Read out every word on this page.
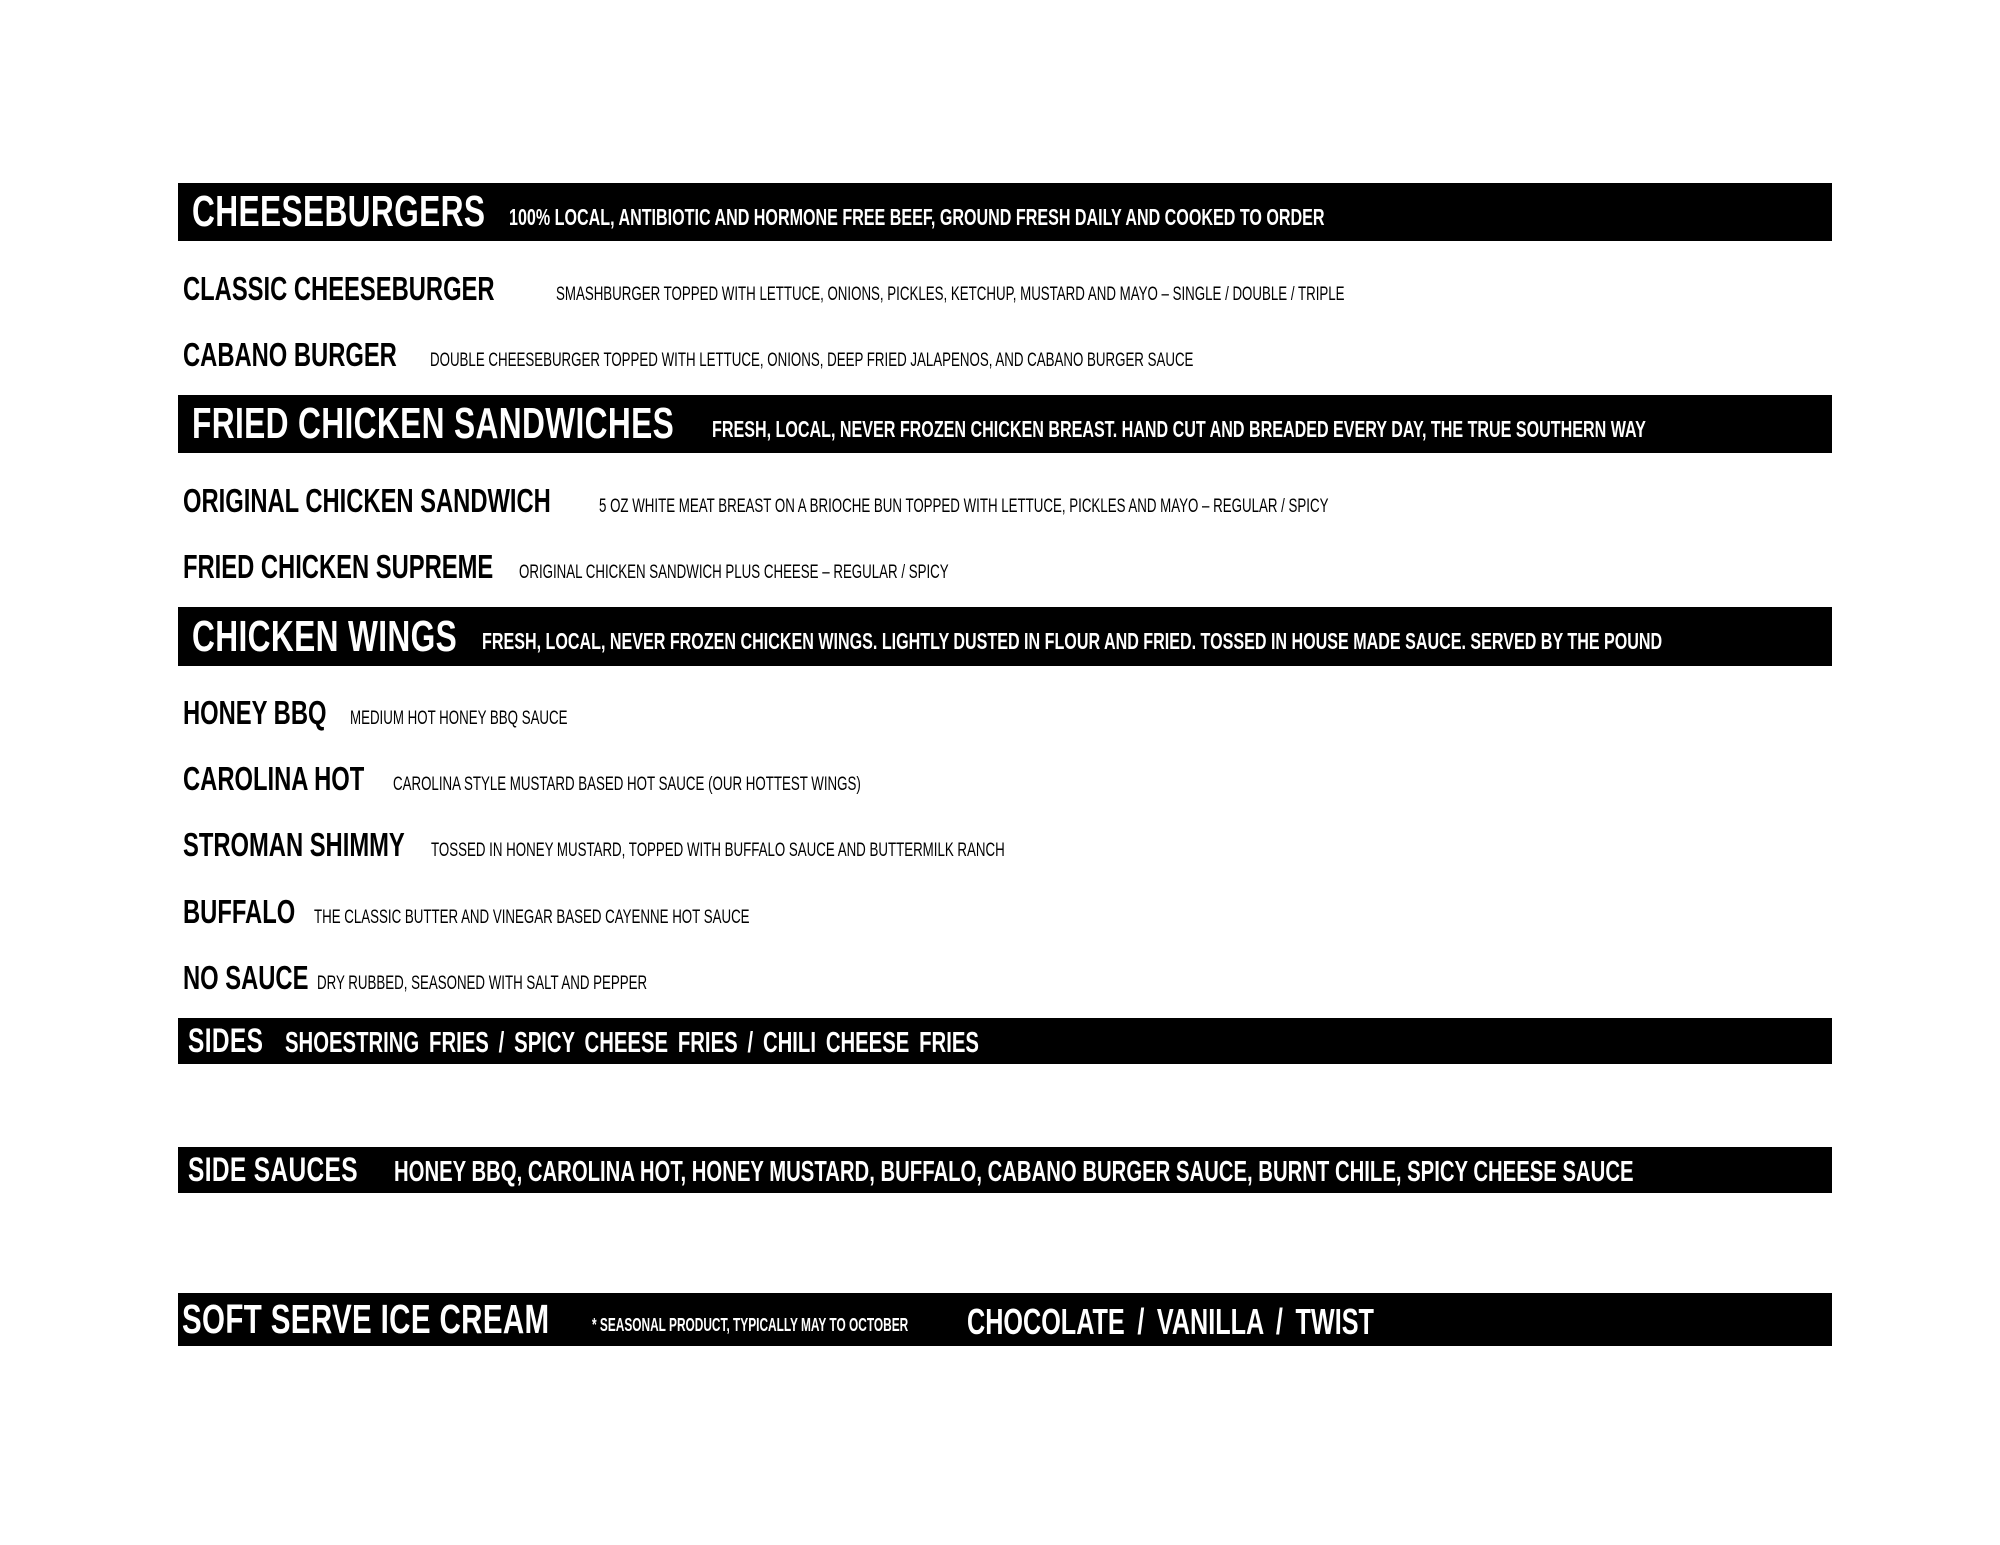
CHEESEBURGERS 100% LOCAL, ANTIBIOTIC AND HORMONE FREE BEEF, GROUND FRESH DAILY AND COOKED TO ORDER
CLASSIC CHEESEBURGER	SMASHBURGER TOPPED WITH LETTUCE, ONIONS, PICKLES, KETCHUP, MUSTARD AND MAYO – SINGLE / DOUBLE / TRIPLE
CABANO BURGER DOUBLE CHEESEBURGER TOPPED WITH LETTUCE, ONIONS, DEEP FRIED JALAPENOS, AND CABANO BURGER SAUCE
FRIED CHICKEN SANDWICHES FRESH, LOCAL, NEVER FROZEN CHICKEN BREAST. HAND CUT AND BREADED EVERY DAY, THE TRUE SOUTHERN WAY
ORIGINAL CHICKEN SANDWICH	5 OZ WHITE MEAT BREAST ON A BRIOCHE BUN TOPPED WITH LETTUCE, PICKLES AND MAYO – REGULAR / SPICY
FRIED CHICKEN SUPREME ORIGINAL CHICKEN SANDWICH PLUS CHEESE – REGULAR / SPICY
CHICKEN WINGS FRESH, LOCAL, NEVER FROZEN CHICKEN WINGS. LIGHTLY DUSTED IN FLOUR AND FRIED. TOSSED IN HOUSE MADE SAUCE. SERVED BY THE POUND
HONEY BBQ MEDIUM HOT HONEY BBQ SAUCE
CAROLINA HOT CAROLINA STYLE MUSTARD BASED HOT SAUCE (OUR HOTTEST WINGS)
STROMAN SHIMMY TOSSED IN HONEY MUSTARD, TOPPED WITH BUFFALO SAUCE AND BUTTERMILK RANCH
BUFFALO THE CLASSIC BUTTER AND VINEGAR BASED CAYENNE HOT SAUCE
NO SAUCE DRY RUBBED, SEASONED WITH SALT AND PEPPER
SIDES SHOESTRING FRIES / SPICY CHEESE FRIES / CHILI CHEESE FRIES
SIDE SAUCES HONEY BBQ, CAROLINA HOT, HONEY MUSTARD, BUFFALO, CABANO BURGER SAUCE, BURNT CHILE, SPICY CHEESE SAUCE
SOFT SERVE ICE CREAM * SEASONAL PRODUCT, TYPICALLY MAY TO OCTOBER CHOCOLATE / VANILLA / TWIST
